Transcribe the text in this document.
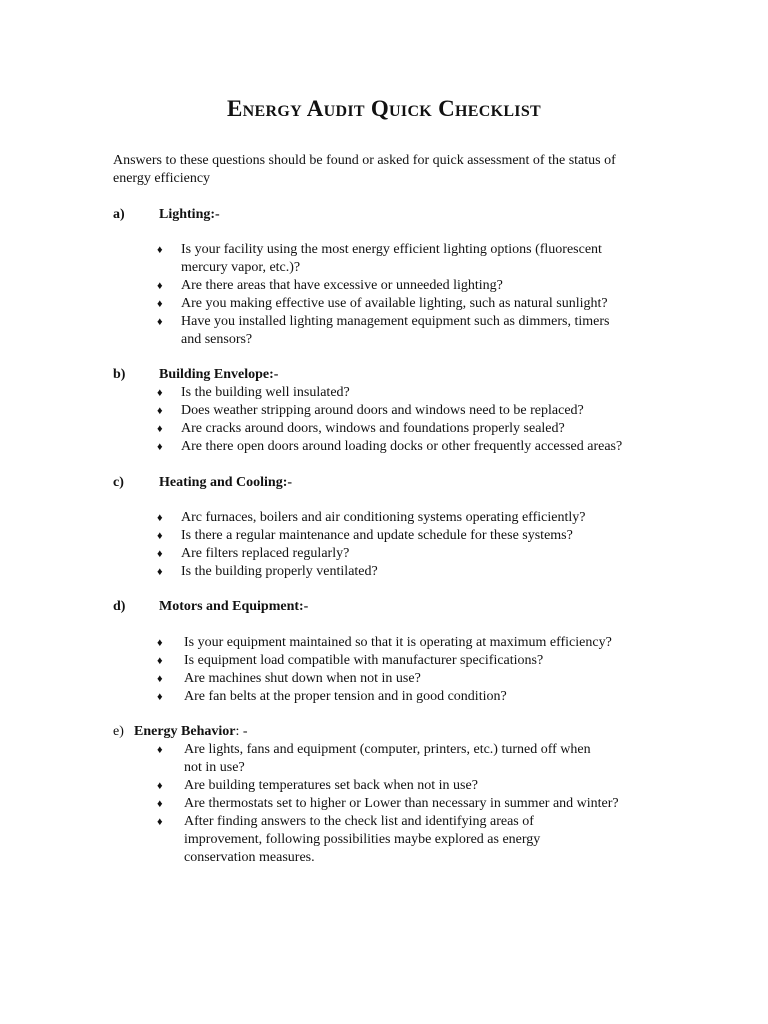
Energy Audit Quick Checklist
Answers to these questions should be found or asked for quick assessment of the status of
energy efficiency
a) Lighting:-
♦ Is your facility using the most energy efficient lighting options (fluorescent
mercury vapor, etc.)?
♦ Are there areas that have excessive or unneeded lighting?
♦ Are you making effective use of available lighting, such as natural sunlight?
♦ Have you installed lighting management equipment such as dimmers, timers
and sensors?
b) Building Envelope:-
♦ Is the building well insulated?
♦ Does weather stripping around doors and windows need to be replaced?
♦ Are cracks around doors, windows and foundations properly sealed?
♦ Are there open doors around loading docks or other frequently accessed areas?
c)	Heating and Cooling:-
♦ Arc furnaces, boilers and air conditioning systems operating efficiently?
♦ Is there a regular maintenance and update schedule for these systems?
♦ Are filters replaced regularly?
♦ Is the building properly ventilated?
d) Motors and Equipment:-
♦ Is your equipment maintained so that it is operating at maximum efficiency?
♦ Is equipment load compatible with manufacturer specifications?
♦ Are machines shut down when not in use?
♦ Are fan belts at the proper tension and in good condition?
e) Energy Behavior: -
♦ Are lights, fans and equipment (computer, printers, etc.) turned off when
not in use?
♦ Are building temperatures set back when not in use?
♦ Are thermostats set to higher or Lower than necessary in summer and winter?
♦ After finding answers to the check list and identifying areas of
improvement, following possibilities maybe explored as energy
conservation measures.
